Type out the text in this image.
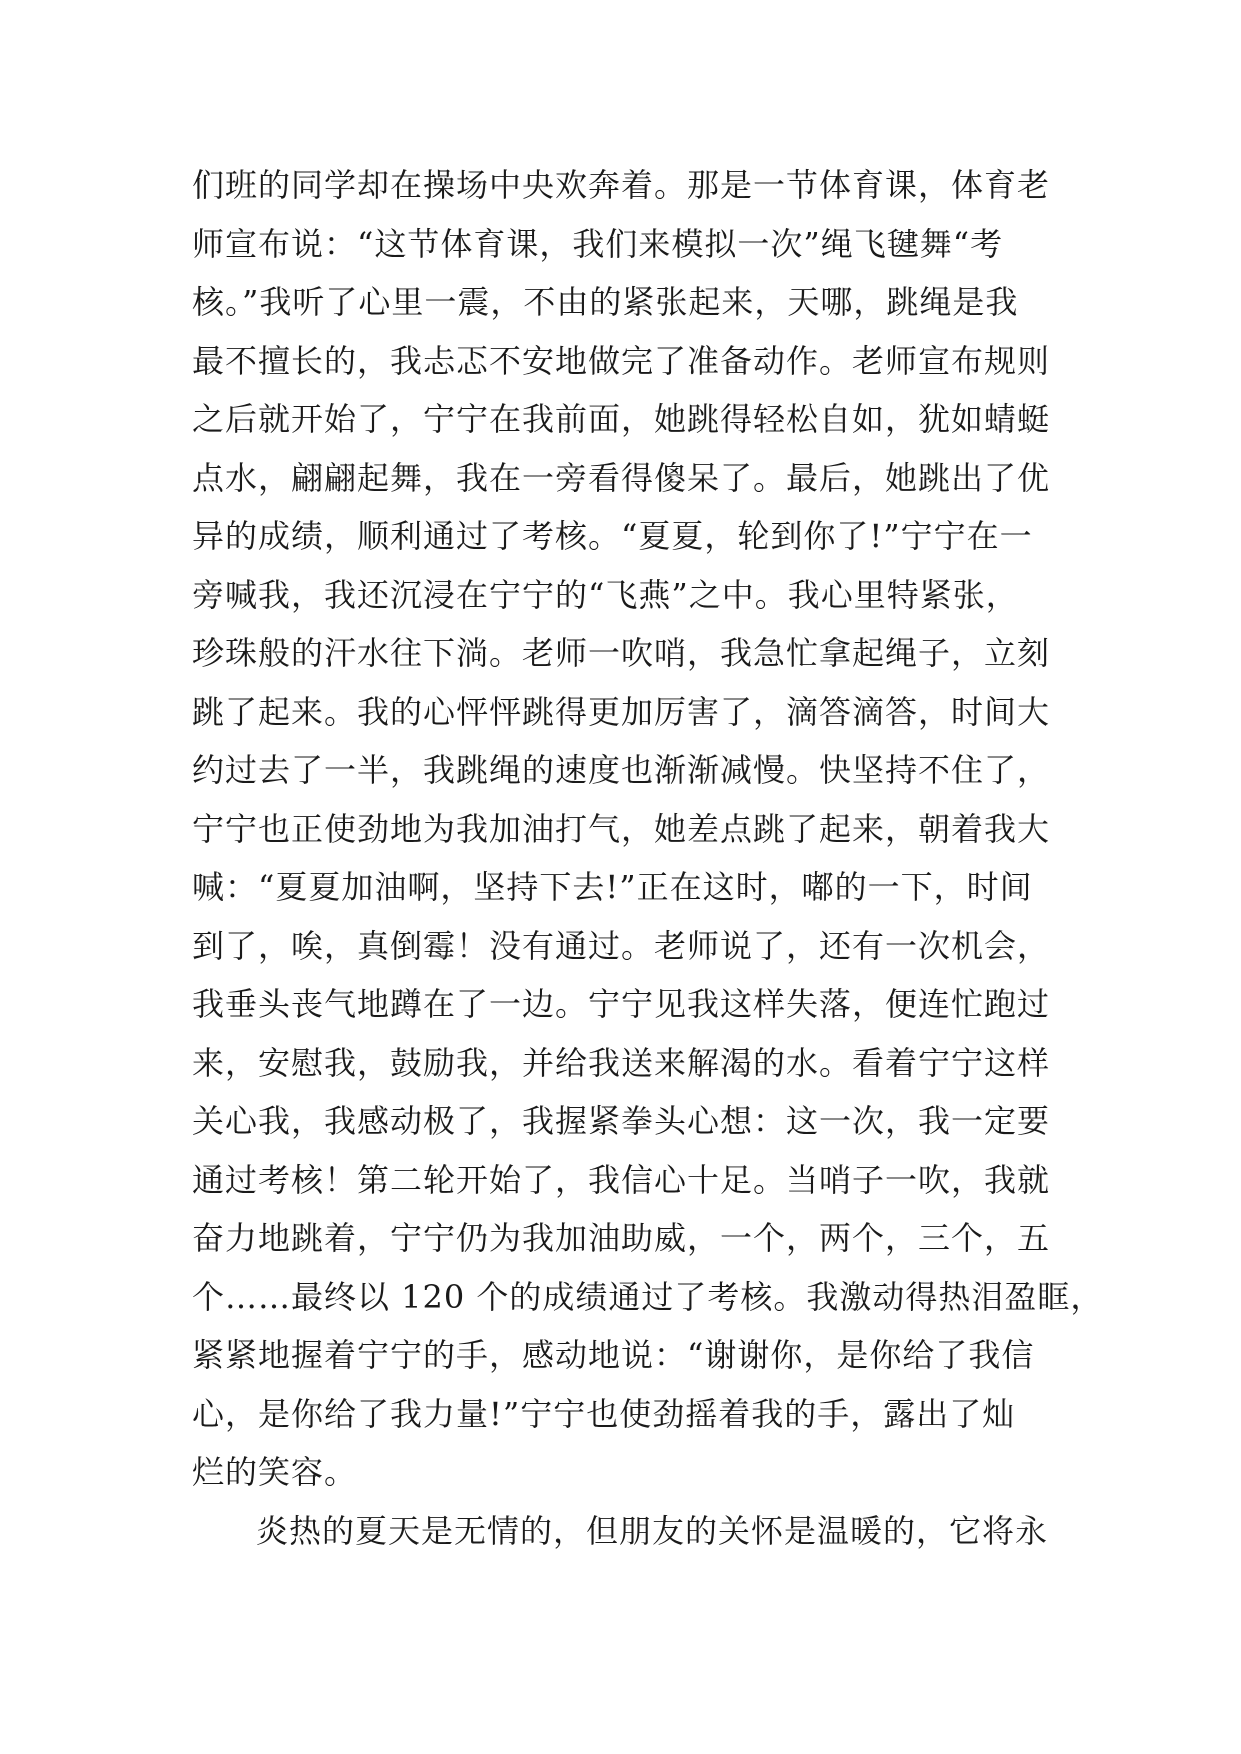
们班的同学却在操场中央欢奔着。那是一节体育课，体育老
师宣布说：“这节体育课，我们来模拟一次”绳飞毽舞“考
核。”我听了心里一震，不由的紧张起来，天哪，跳绳是我
最不擅长的，我忐忑不安地做完了准备动作。老师宣布规则
之后就开始了，宁宁在我前面，她跳得轻松自如，犹如蜻蜓
点水，翩翩起舞，我在一旁看得傻呆了。最后，她跳出了优
异的成绩，顺利通过了考核。“夏夏，轮到你了!”宁宁在一
旁喊我，我还沉浸在宁宁的“飞燕”之中。我心里特紧张，
珍珠般的汗水往下淌。老师一吹哨，我急忙拿起绳子，立刻
跳了起来。我的心怦怦跳得更加厉害了，滴答滴答，时间大
约过去了一半，我跳绳的速度也渐渐减慢。快坚持不住了，
宁宁也正使劲地为我加油打气，她差点跳了起来，朝着我大
喊：“夏夏加油啊，坚持下去!”正在这时，嘟的一下，时间
到了，唉，真倒霉！没有通过。老师说了，还有一次机会，
我垂头丧气地蹲在了一边。宁宁见我这样失落，便连忙跑过
来，安慰我，鼓励我，并给我送来解渴的水。看着宁宁这样
关心我，我感动极了，我握紧拳头心想：这一次，我一定要
通过考核！第二轮开始了，我信心十足。当哨子一吹，我就
奋力地跳着，宁宁仍为我加油助威，一个，两个，三个，五
个……最终以 120 个的成绩通过了考核。我激动得热泪盈眶，
紧紧地握着宁宁的手，感动地说：“谢谢你，是你给了我信
心，是你给了我力量!”宁宁也使劲摇着我的手，露出了灿
烂的笑容。
炎热的夏天是无情的，但朋友的关怀是温暖的，它将永
